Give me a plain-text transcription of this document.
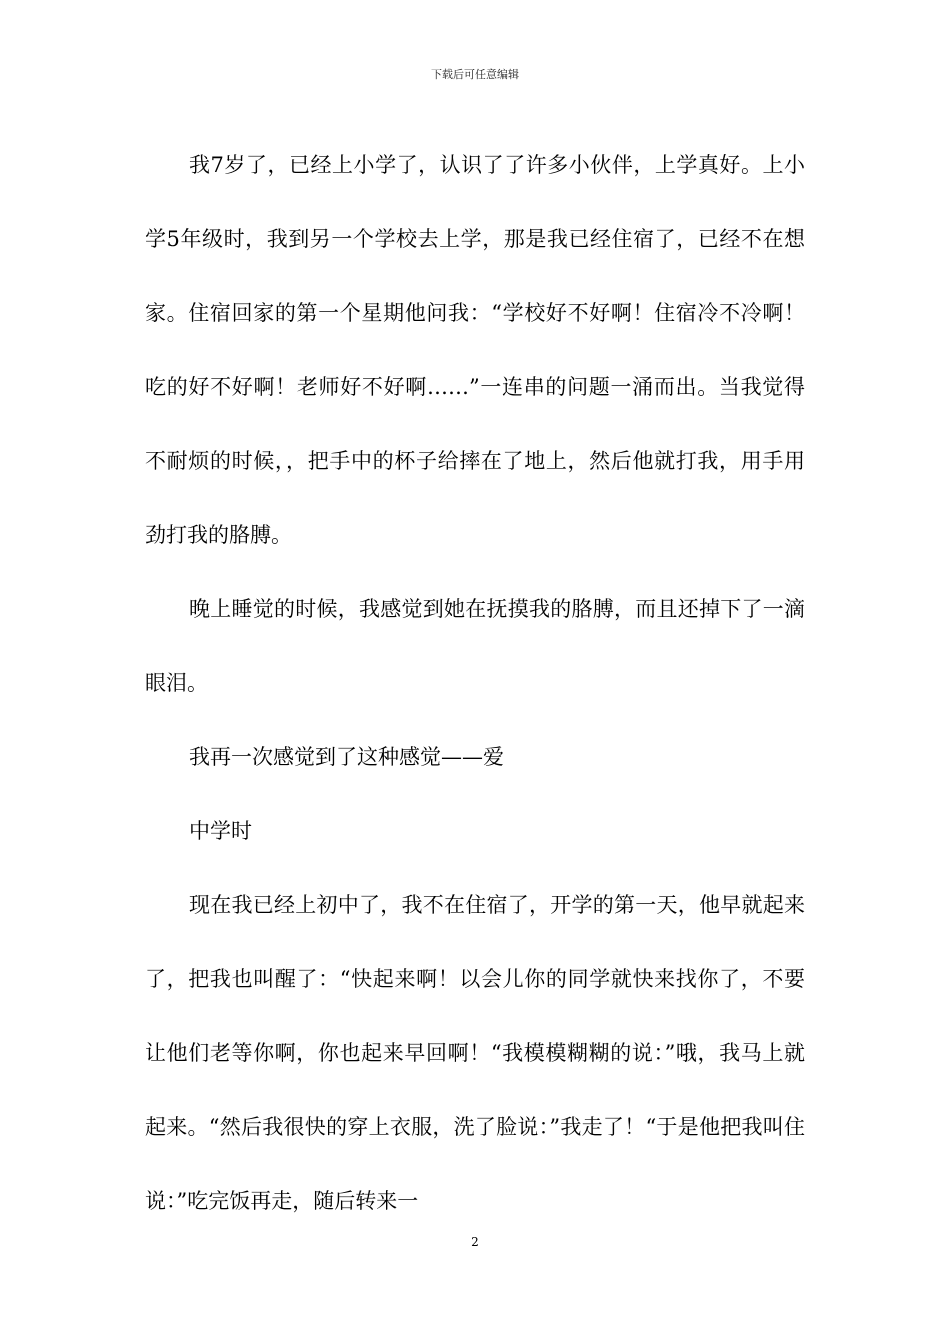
下载后可任意编辑

我7岁了，已经上小学了，认识了了许多小伙伴，上学真好。上小学5年级时，我到另一个学校去上学，那是我已经住宿了，已经不在想家。住宿回家的第一个星期他问我：“学校好不好啊！住宿冷不冷啊！吃的好不好啊！老师好不好啊……”一连串的问题一涌而出。当我觉得不耐烦的时候，，把手中的杯子给摔在了地上，然后他就打我，用手用劲打我的胳膊。

晚上睡觉的时候，我感觉到她在抚摸我的胳膊，而且还掉下了一滴眼泪。

我再一次感觉到了这种感觉——爱

中学时

现在我已经上初中了，我不在住宿了，开学的第一天，他早就起来了，把我也叫醒了：“快起来啊！以会儿你的同学就快来找你了，不要让他们老等你啊，你也起来早回啊！“我模模糊糊的说：”哦，我马上就起来。“然后我很快的穿上衣服，洗了脸说：”我走了！“于是他把我叫住说：”吃完饭再走，随后转来一

2
